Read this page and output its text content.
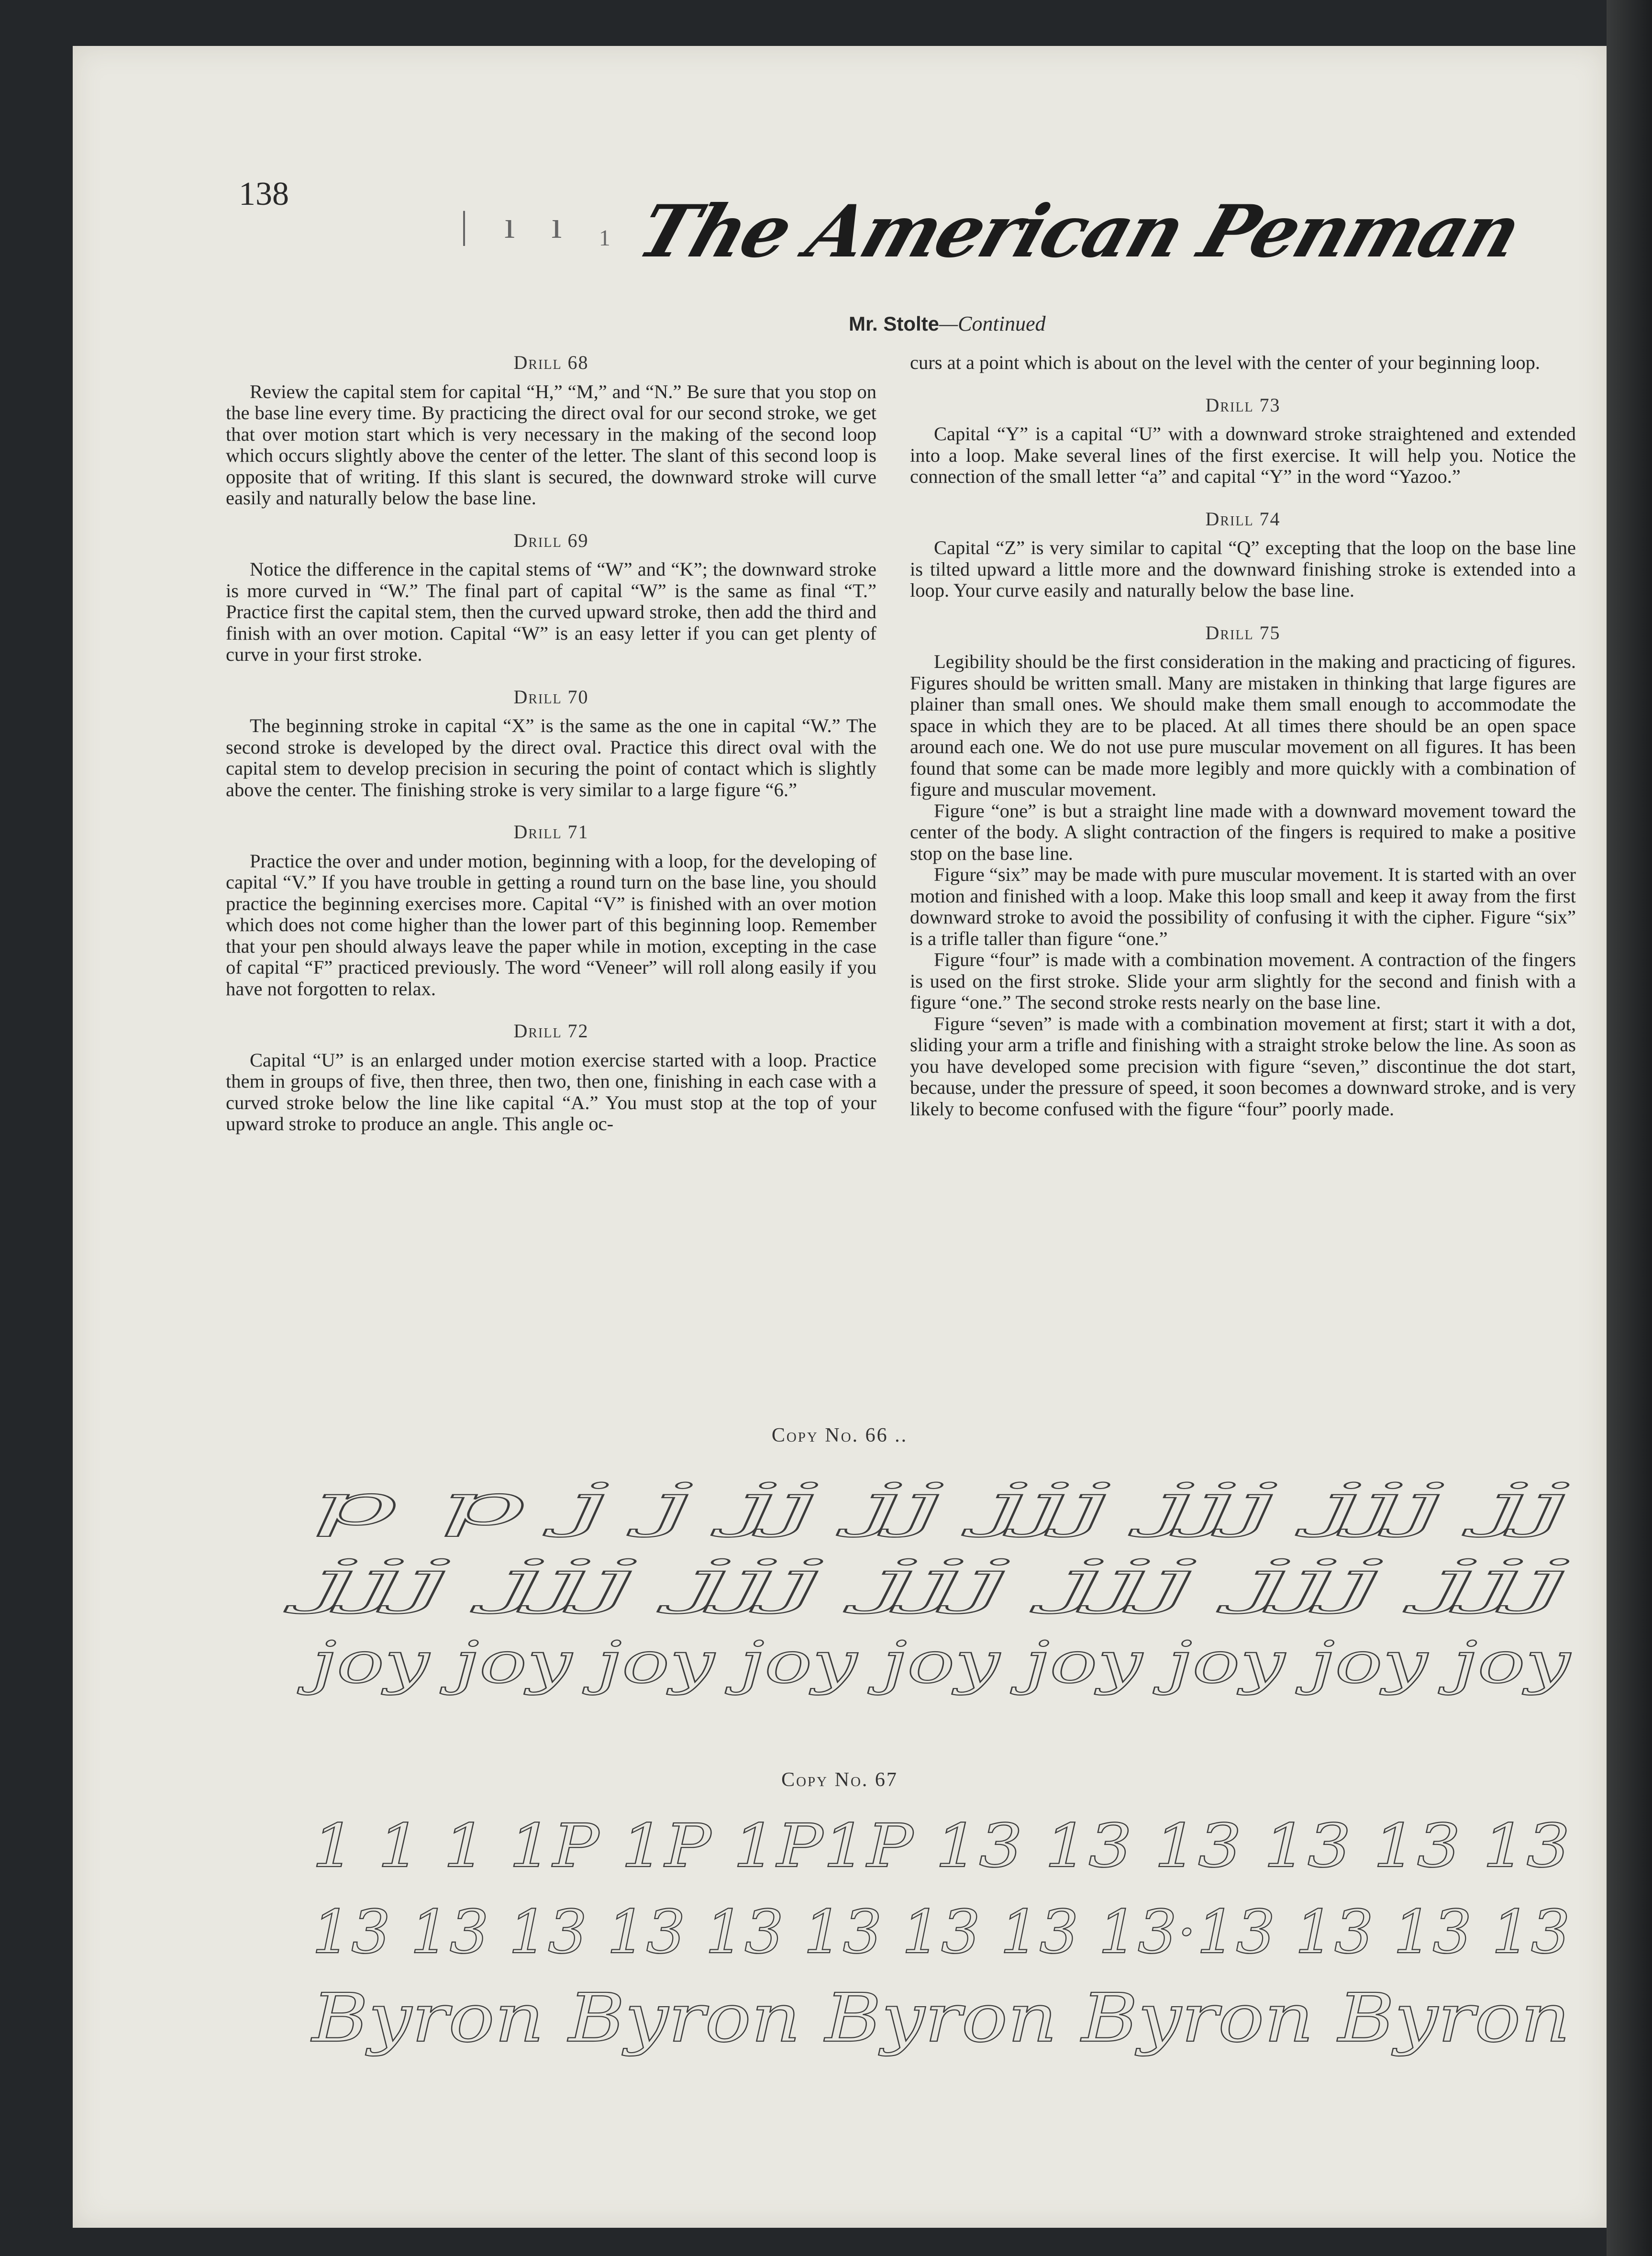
138
| ı ı ₁ The American Penman
Mr. Stolte—Continued
Drill 68

Review the capital stem for capital “H,” “M,” and “N.” Be sure that you stop on the base line every time. By practicing the direct oval for our second stroke, we get that over motion start which is very necessary in the making of the second loop which occurs slightly above the center of the letter. The slant of this second loop is opposite that of writing. If this slant is secured, the downward stroke will curve easily and naturally below the base line.

Drill 69

Notice the difference in the capital stems of “W” and “K”; the downward stroke is more curved in “W.” The final part of capital “W” is the same as final “T.” Practice first the capital stem, then the curved upward stroke, then add the third and finish with an over motion. Capital “W” is an easy letter if you can get plenty of curve in your first stroke.

Drill 70

The beginning stroke in capital “X” is the same as the one in capital “W.” The second stroke is developed by the direct oval. Practice this direct oval with the capital stem to develop precision in securing the point of contact which is slightly above the center. The finishing stroke is very similar to a large figure “6.”

Drill 71

Practice the over and under motion, beginning with a loop, for the developing of capital “V.” If you have trouble in getting a round turn on the base line, you should practice the beginning exercises more. Capital “V” is finished with an over motion which does not come higher than the lower part of this beginning loop. Remember that your pen should always leave the paper while in motion, excepting in the case of capital “F” practiced previously. The word “Veneer” will roll along easily if you have not forgotten to relax.

Drill 72

Capital “U” is an enlarged under motion exercise started with a loop. Practice them in groups of five, then three, then two, then one, finishing in each case with a curved stroke below the line like capital “A.” You must stop at the top of your upward stroke to produce an angle. This angle oc-

curs at a point which is about on the level with the center of your beginning loop.

Drill 73

Capital “Y” is a capital “U” with a downward stroke straightened and extended into a loop. Make several lines of the first exercise. It will help you. Notice the connection of the small letter “a” and capital “Y” in the word “Yazoo.”

Drill 74

Capital “Z” is very similar to capital “Q” excepting that the loop on the base line is tilted upward a little more and the downward finishing stroke is extended into a loop. Your curve easily and naturally below the base line.

Drill 75

Legibility should be the first consideration in the making and practicing of figures. Figures should be written small. Many are mistaken in thinking that large figures are plainer than small ones. We should make them small enough to accommodate the space in which they are to be placed. At all times there should be an open space around each one. We do not use pure muscular movement on all figures. It has been found that some can be made more legibly and more quickly with a combination of figure and muscular movement.

Figure “one” is but a straight line made with a downward movement toward the center of the body. A slight contraction of the fingers is required to make a positive stop on the base line.

Figure “six” may be made with pure muscular movement. It is started with an over motion and finished with a loop. Make this loop small and keep it away from the first downward stroke to avoid the possibility of confusing it with the cipher. Figure “six” is a trifle taller than figure “one.”

Figure “four” is made with a combination movement. A contraction of the fingers is used on the first stroke. Slide your arm slightly for the second and finish with a figure “one.” The second stroke rests nearly on the base line.

Figure “seven” is made with a combination movement at first; start it with a dot, sliding your arm a trifle and finishing with a straight stroke below the line. As soon as you have developed some precision with figure “seven,” discontinue the dot start, because, under the pressure of speed, it soon becomes a downward stroke, and is very likely to become confused with the figure “four” poorly made.

Copy No. 66 ..
p p j j jj jj jjj jjj jjj jj
jjj jjj jjj jjj jjj jjj jjj
joy joy joy joy joy joy joy joy joy
Copy No. 67
1 1 1 1P 1P 1P1P 13 13 13 13 13 13
13 13 13 13 13 13 13 13 13·13 13 13 13
Byron Byron Byron Byron Byron
